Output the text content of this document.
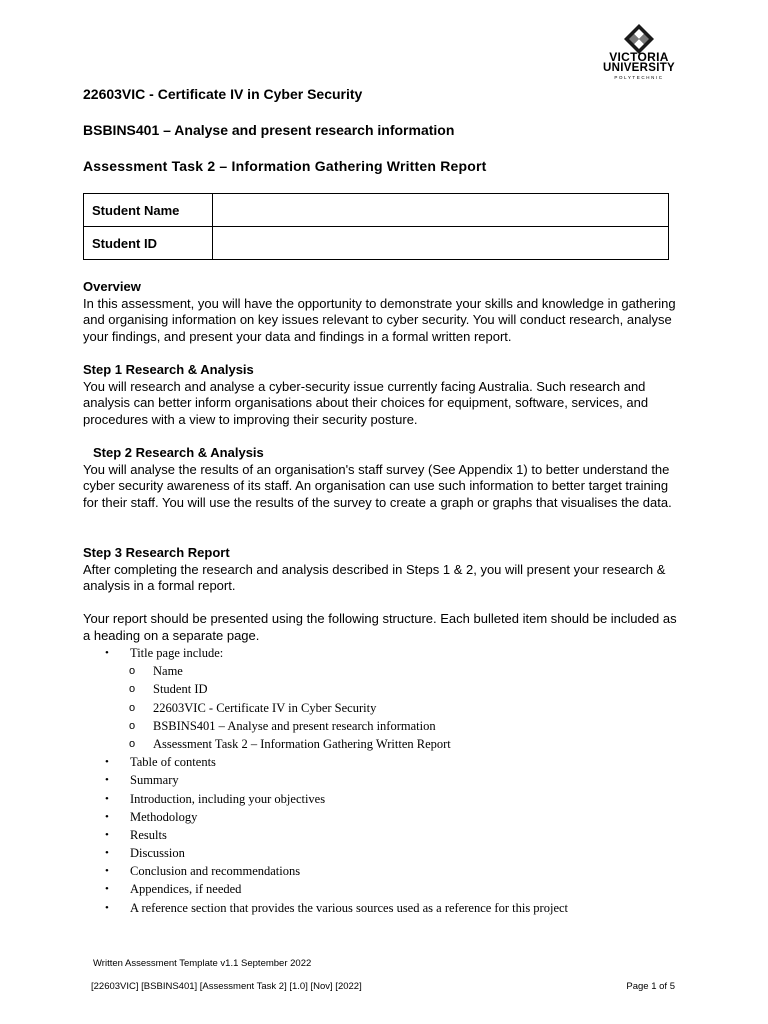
VICTORIA
UNIVERSITY
POLYTECHNIC
22603VIC - Certificate IV in Cyber Security
BSBINS401 – Analyse and present research information
Assessment Task 2 – Information Gathering Written Report
Student Name	
Student ID	
Overview
In this assessment, you will have the opportunity to demonstrate your skills and knowledge in gathering and organising information on key issues relevant to cyber security. You will conduct research, analyse your findings, and present your data and findings in a formal written report.
Step 1 Research & Analysis
You will research and analyse a cyber-security issue currently facing Australia. Such research and analysis can better inform organisations about their choices for equipment, software, services, and procedures with a view to improving their security posture.
Step 2 Research & Analysis
You will analyse the results of an organisation's staff survey (See Appendix 1) to better understand the cyber security awareness of its staff. An organisation can use such information to better target training for their staff. You will use the results of the survey to create a graph or graphs that visualises the data.
Step 3 Research Report
After completing the research and analysis described in Steps 1 & 2, you will present your research & analysis in a formal report.
Your report should be presented using the following structure. Each bulleted item should be included as a heading on a separate page.
• Title page include:
o Name
o Student ID
o 22603VIC - Certificate IV in Cyber Security
o BSBINS401 – Analyse and present research information
o Assessment Task 2 – Information Gathering Written Report
• Table of contents
• Summary
• Introduction, including your objectives
• Methodology
• Results
• Discussion
• Conclusion and recommendations
• Appendices, if needed
• A reference section that provides the various sources used as a reference for this project
Written Assessment Template v1.1 September 2022
[22603VIC] [BSBINS401] [Assessment Task 2] [1.0] [Nov] [2022]	Page 1 of 5
